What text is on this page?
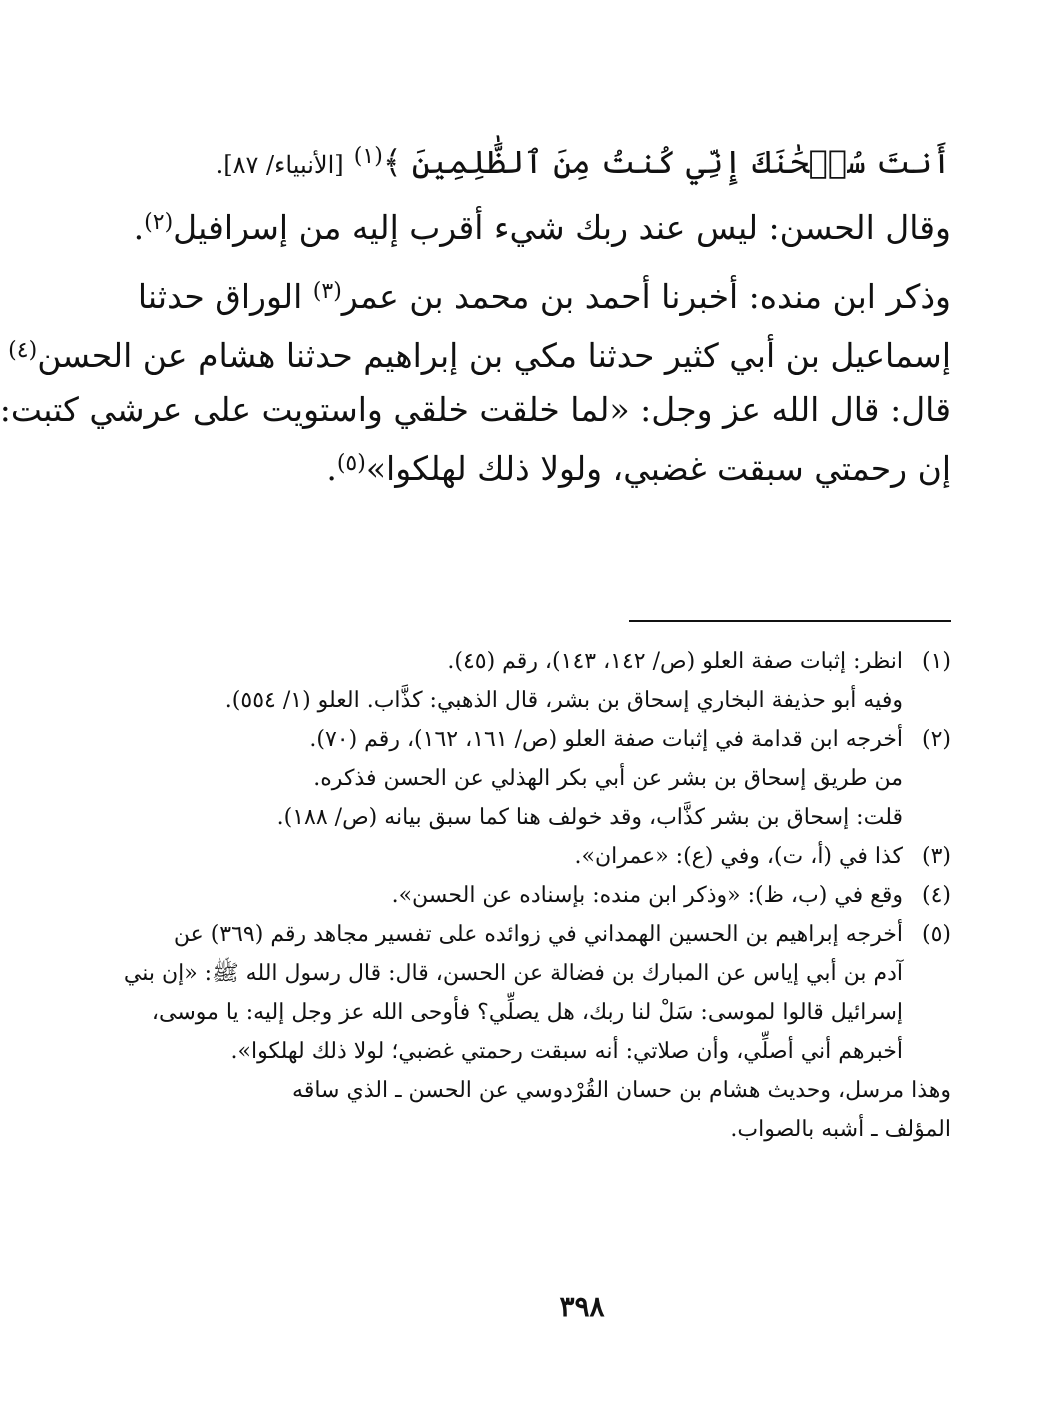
أَنتَ سُبۡحَٰنَكَ إِنِّي كُنتُ مِنَ ٱلظَّٰلِمِينَ ﴾$^{(١)}$ [الأنبياء/ ٨٧].
وقال الحسن: ليس عند ربك شيء أقرب إليه من إسرافيل$^{(٢)}$.
وذكر ابن منده: أخبرنا أحمد بن محمد بن عمر$^{(٣)}$ الوراق حدثنا
إسماعيل بن أبي كثير حدثنا مكي بن إبراهيم حدثنا هشام عن الحسن$^{(٤)}$
قال: قال الله عز وجل: «لما خلقت خلقي واستويت على عرشي كتبت:
إن رحمتي سبقت غضبي، ولولا ذلك لهلكوا»$^{(٥)}$.
(١)انظر: إثبات صفة العلو (ص/ ١٤٢، ١٤٣)، رقم (٤٥).
وفيه أبو حذيفة البخاري إسحاق بن بشر، قال الذهبي: كذَّاب. العلو (١/ ٥٥٤).
(٢)أخرجه ابن قدامة في إثبات صفة العلو (ص/ ١٦١، ١٦٢)، رقم (٧٠).
من طريق إسحاق بن بشر عن أبي بكر الهذلي عن الحسن فذكره.
قلت: إسحاق بن بشر كذَّاب، وقد خولف هنا كما سبق بيانه (ص/ ١٨٨).
(٣)كذا في (أ، ت)، وفي (ع): «عمران».
(٤)وقع في (ب، ظ): «وذكر ابن منده: بإسناده عن الحسن».
(٥)أخرجه إبراهيم بن الحسين الهمداني في زوائده على تفسير مجاهد رقم (٣٦٩) عن
آدم بن أبي إياس عن المبارك بن فضالة عن الحسن، قال: قال رسول الله ﷺ: «إن بني
إسرائيل قالوا لموسى: سَلْ لنا ربك، هل يصلِّي؟ فأوحى الله عز وجل إليه: يا موسى،
أخبرهم أني أصلِّي، وأن صلاتي: أنه سبقت رحمتي غضبي؛ لولا ذلك لهلكوا».
وهذا مرسل، وحديث هشام بن حسان القُرْدوسي عن الحسن ـ الذي ساقه
المؤلف ـ أشبه بالصواب.
٣٩٨
